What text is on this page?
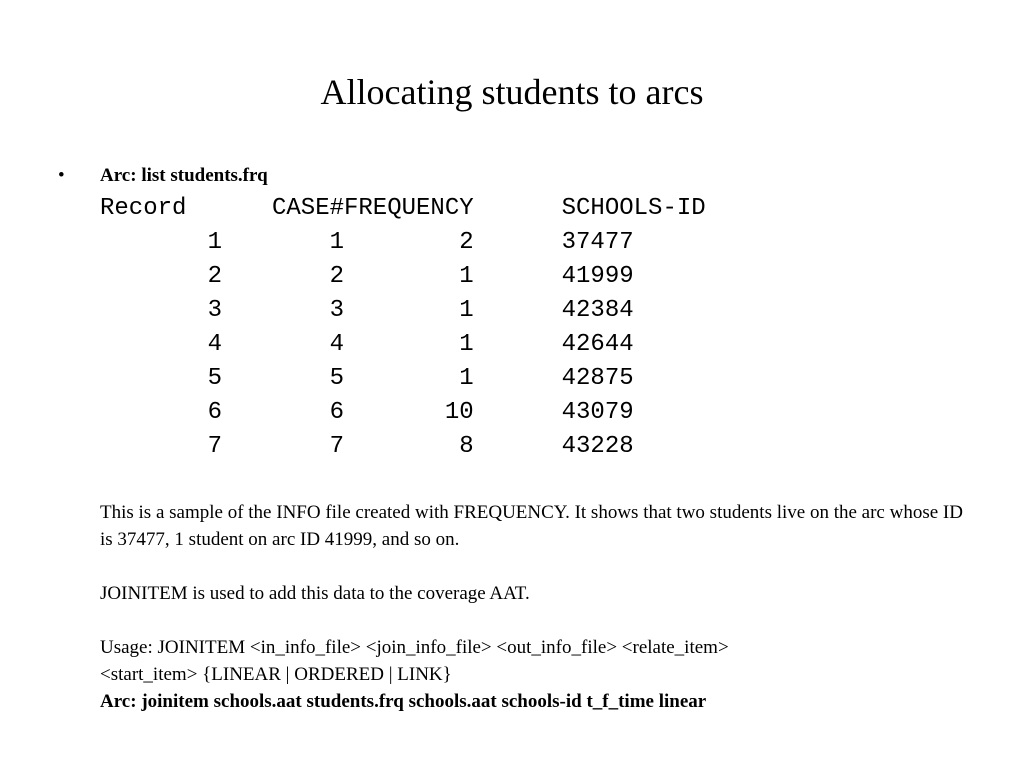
Allocating students to arcs
• Arc: list students.frq
Record	CASE#	FREQUENCY	SCHOOLS-ID
1	1	2	37477
2	2	1	41999
3	3	1	42384
4	4	1	42644
5	5	1	42875
6	6	10	43079
7	7	8	43228
This is a sample of the INFO file created with FREQUENCY. It shows that two students live on the arc whose ID is 37477, 1 student on arc ID 41999, and so on.
JOINITEM is used to add this data to the coverage AAT.
Usage: JOINITEM <in_info_file> <join_info_file> <out_info_file> <relate_item>
<start_item> {LINEAR | ORDERED | LINK}
Arc: joinitem schools.aat students.frq schools.aat schools-id t_f_time linear
